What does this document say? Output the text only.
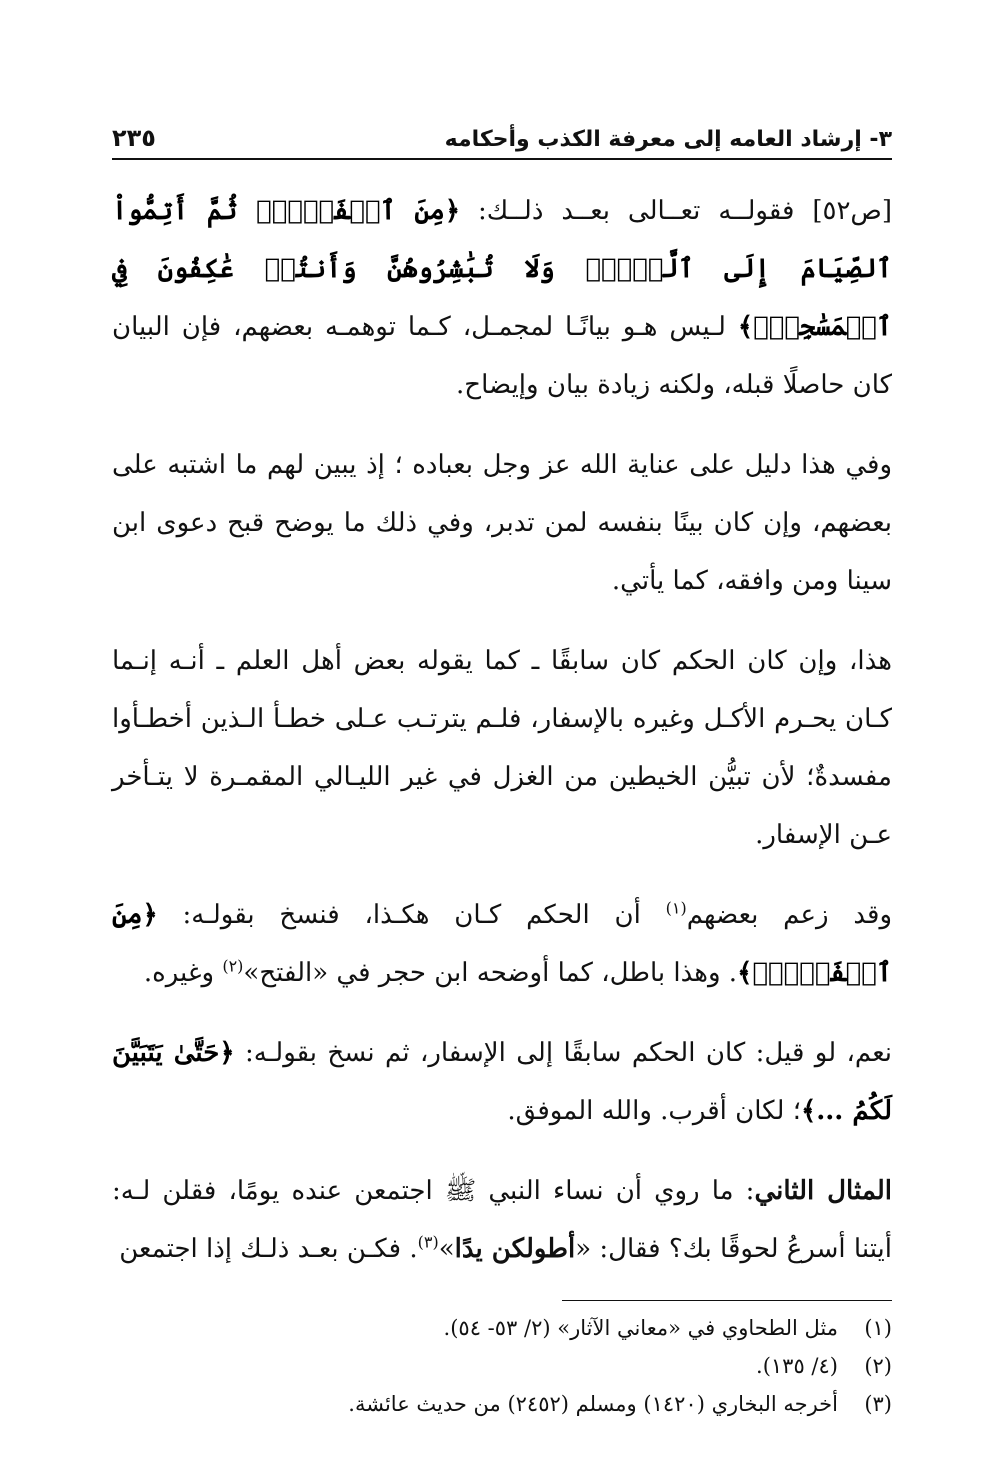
٣- إرشاد العامه إلى معرفة الكذب وأحكامه
٢٣٥

[ص٥٢] فقولــه تعــالى بعــد ذلــك: ﴿مِنَ ٱلۡفَجۡرِۖ ثُمَّ أَتِمُّواْ ٱلصِّيَامَ إِلَى ٱلَّيۡلِۚ وَلَا تُبَٰشِرُوهُنَّ وَأَنتُمۡ عَٰكِفُونَ فِي ٱلۡمَسَٰجِدِۗ﴾ لـيس هـو بيانًـا لمجمـل، كـما توهمـه بعضهم، فإن البيان كان حاصلًا قبله، ولكنه زيادة بيان وإيضاح.

وفي هذا دليل على عناية الله عز وجل بعباده ؛ إذ يبين لهم ما اشتبه على بعضهم، وإن كان بينًا بنفسه لمن تدبر، وفي ذلك ما يوضح قبح دعوى ابن سينا ومن وافقه، كما يأتي.

هذا، وإن كان الحكم كان سابقًا ـ كما يقوله بعض أهل العلم ـ أنـه إنـما كـان يحـرم الأكـل وغيره بالإسفار، فلـم يترتـب عـلى خطـأ الـذين أخطـأوا مفسدةٌ؛ لأن تبيُّن الخيطين من الغزل في غير الليـالي المقمـرة لا يتـأخر عـن الإسفار.

وقد زعم بعضهم$^{(١)}$ أن الحكم كـان هكـذا، فنسخ بقولـه: ﴿مِنَ ٱلۡفَجۡرِۖ﴾. وهذا باطل، كما أوضحه ابن حجر في «الفتح»$^{(٢)}$ وغيره.

نعم، لو قيل: كان الحكم سابقًا إلى الإسفار، ثم نسخ بقولـه: ﴿حَتَّىٰ يَتَبَيَّنَ لَكُمُ ...﴾؛ لكان أقرب. والله الموفق.

المثال الثاني: ما روي أن نساء النبي ﷺ اجتمعن عنده يومًا، فقلن لـه: أيتنا أسرعُ لحوقًا بك؟ فقال: «أطولكن يدًا»$^{(٣)}$. فكـن بعـد ذلـك إذا اجتمعن

(١)
مثل الطحاوي في «معاني الآثار» (٢/ ٥٣- ٥٤).
(٢)
(٤/ ١٣٥).
(٣)
أخرجه البخاري (١٤٢٠) ومسلم (٢٤٥٢) من حديث عائشة.
